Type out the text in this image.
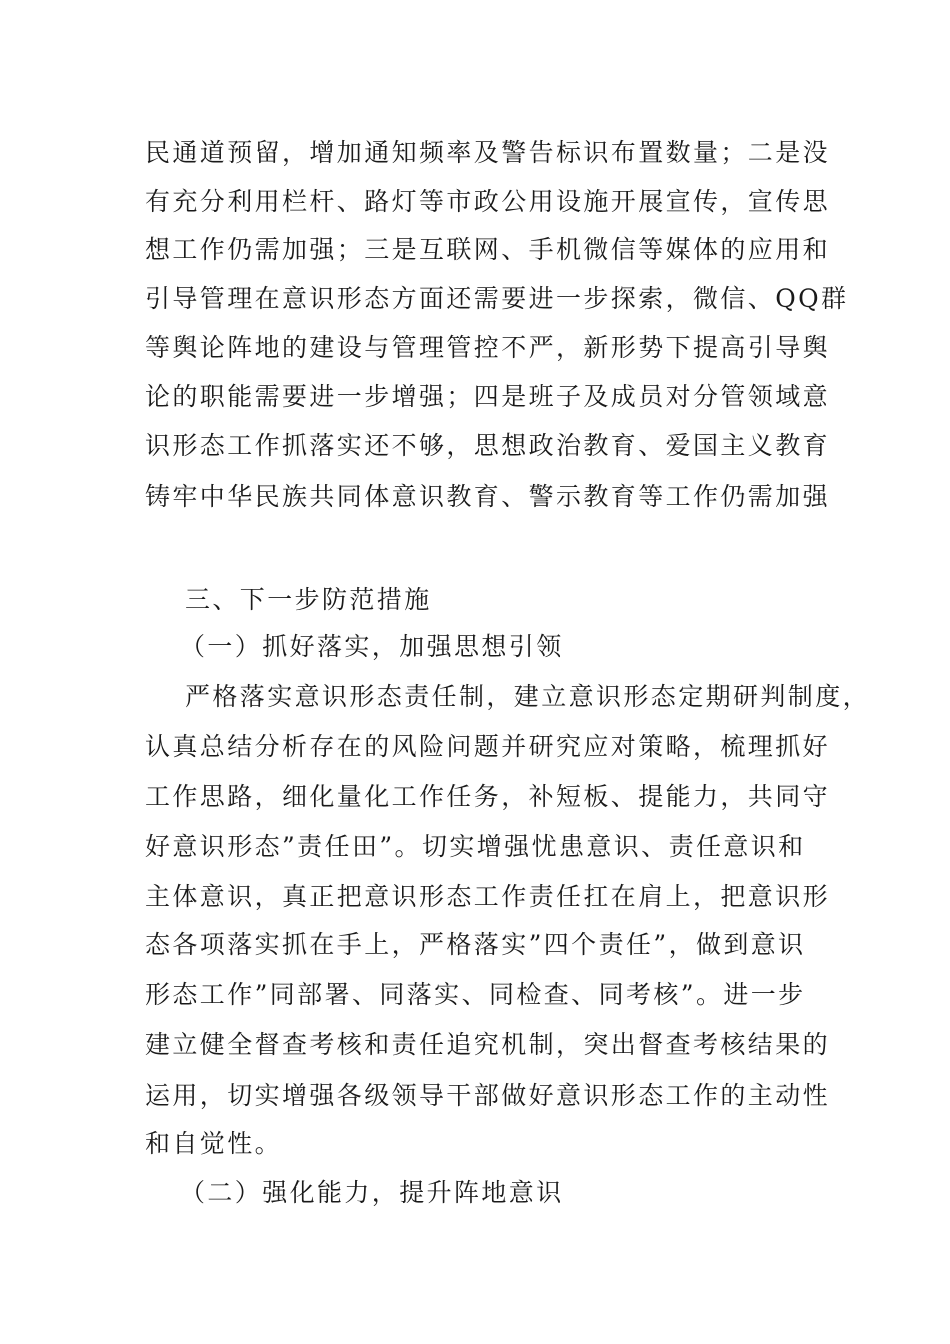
民通道预留，增加通知频率及警告标识布置数量；二是没
有充分利用栏杆、路灯等市政公用设施开展宣传，宣传思
想工作仍需加强；三是互联网、手机微信等媒体的应用和
引导管理在意识形态方面还需要进一步探索，微信、QQ群
等舆论阵地的建设与管理管控不严，新形势下提高引导舆
论的职能需要进一步增强；四是班子及成员对分管领域意
识形态工作抓落实还不够，思想政治教育、爱国主义教育
铸牢中华民族共同体意识教育、警示教育等工作仍需加强
三、下一步防范措施
（一）抓好落实，加强思想引领
严格落实意识形态责任制，建立意识形态定期研判制度，
认真总结分析存在的风险问题并研究应对策略，梳理抓好
工作思路，细化量化工作任务，补短板、提能力，共同守
好意识形态”责任田”。切实增强忧患意识、责任意识和
主体意识，真正把意识形态工作责任扛在肩上，把意识形
态各项落实抓在手上，严格落实”四个责任”，做到意识
形态工作”同部署、同落实、同检查、同考核”。进一步
建立健全督查考核和责任追究机制，突出督查考核结果的
运用，切实增强各级领导干部做好意识形态工作的主动性
和自觉性。
（二）强化能力，提升阵地意识
